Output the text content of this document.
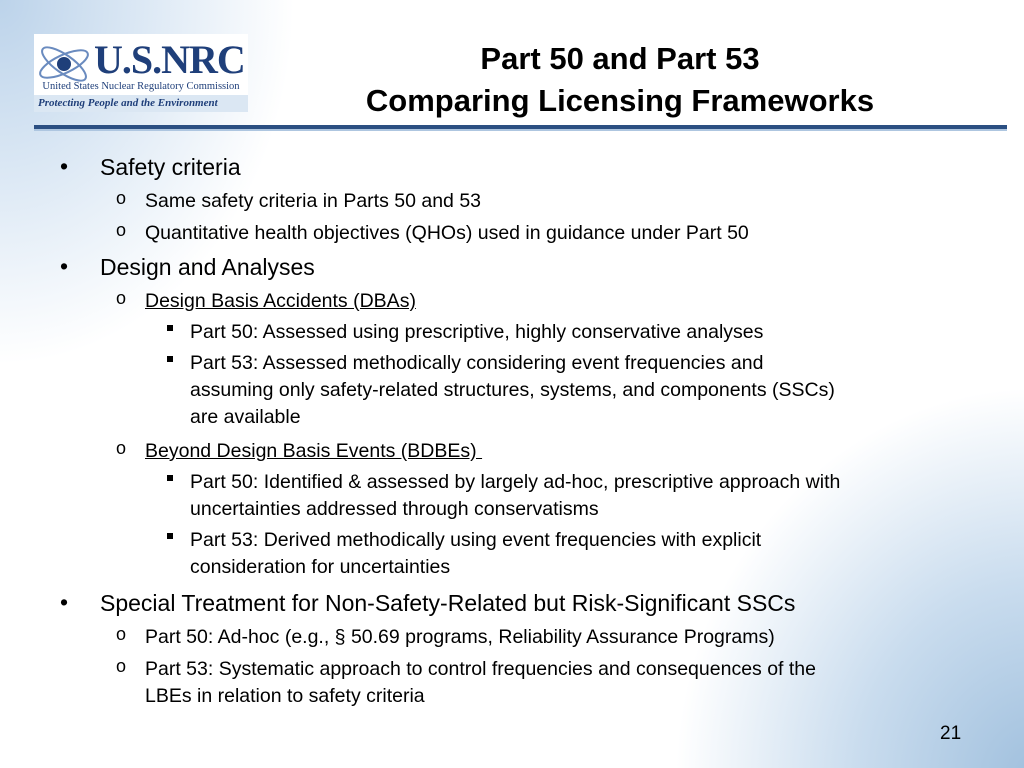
U.S.NRC
United States Nuclear Regulatory Commission
Protecting People and the Environment
Part 50 and Part 53
Comparing Licensing Frameworks
• Safety criteria
o Same safety criteria in Parts 50 and 53
o Quantitative health objectives (QHOs) used in guidance under Part 50
• Design and Analyses
o Design Basis Accidents (DBAs)
Part 50: Assessed using prescriptive, highly conservative analyses
Part 53: Assessed methodically considering event frequencies and
assuming only safety-related structures, systems, and components (SSCs)
are available
o Beyond Design Basis Events (BDBEs)
Part 50: Identified & assessed by largely ad-hoc, prescriptive approach with
uncertainties addressed through conservatisms
Part 53: Derived methodically using event frequencies with explicit
consideration for uncertainties
• Special Treatment for Non-Safety-Related but Risk-Significant SSCs
o Part 50: Ad-hoc (e.g., § 50.69 programs, Reliability Assurance Programs)
o Part 53: Systematic approach to control frequencies and consequences of the
LBEs in relation to safety criteria
21
